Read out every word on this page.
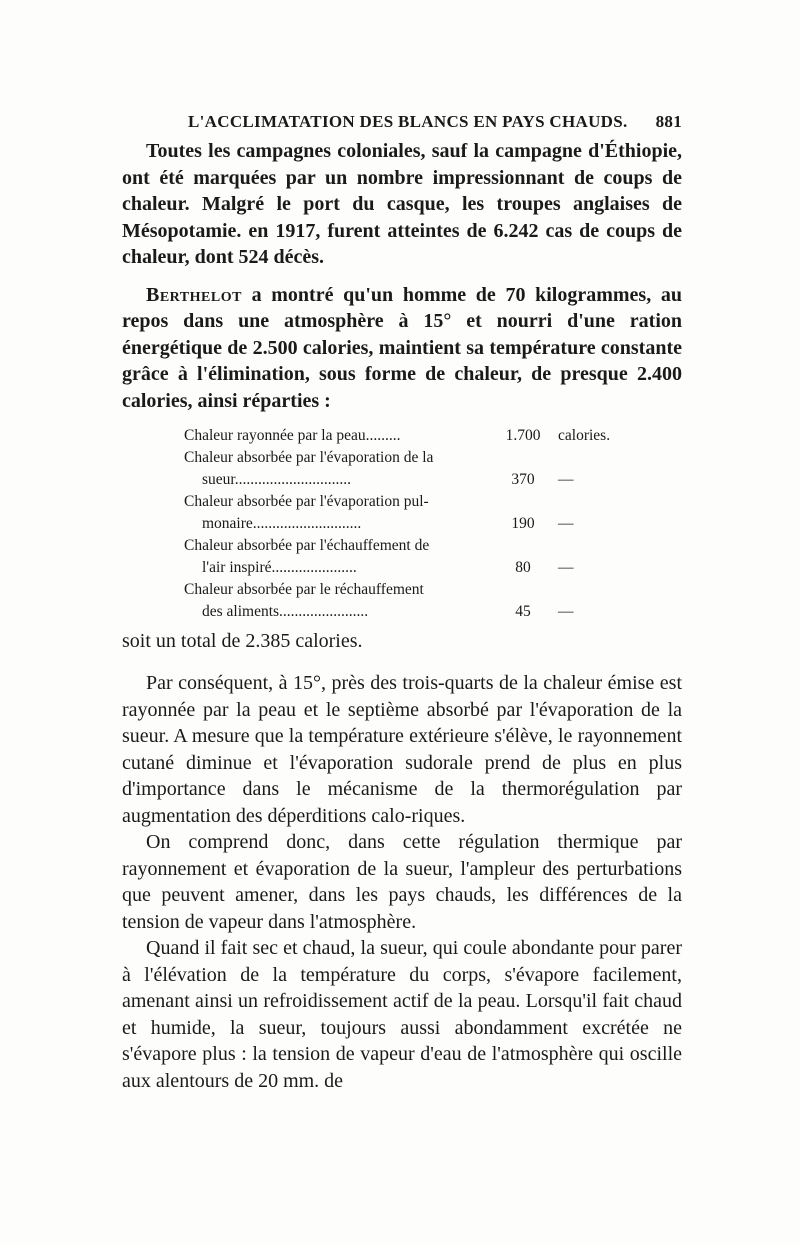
L'ACCLIMATATION DES BLANCS EN PAYS CHAUDS. 881

Toutes les campagnes coloniales, sauf la campagne d'Éthiopie, ont été marquées par un nombre impressionnant de coups de chaleur. Malgré le port du casque, les troupes anglaises de Mésopotamie. en 1917, furent atteintes de 6.242 cas de coups de chaleur, dont 524 décès.

Berthelot a montré qu'un homme de 70 kilogrammes, au repos dans une atmosphère à 15° et nourri d'une ration énergétique de 2.500 calories, maintient sa température constante grâce à l'élimination, sous forme de chaleur, de presque 2.400 calories, ainsi réparties :

Chaleur rayonnée par la peau.........	1.700	calories.
Chaleur absorbée par l'évaporation de la
sueur..............................	370	—
Chaleur absorbée par l'évaporation pul-
monaire............................	190	—
Chaleur absorbée par l'échauffement de
l'air inspiré......................	80	—
Chaleur absorbée par le réchauffement
des aliments.......................	45	—

soit un total de 2.385 calories.

Par conséquent, à 15°, près des trois-quarts de la chaleur émise est rayonnée par la peau et le septième absorbé par l'évaporation de la sueur. A mesure que la température extérieure s'élève, le rayonnement cutané diminue et l'évaporation sudorale prend de plus en plus d'importance dans le mécanisme de la thermorégulation par augmentation des déperditions calo-riques.

On comprend donc, dans cette régulation thermique par rayonnement et évaporation de la sueur, l'ampleur des perturbations que peuvent amener, dans les pays chauds, les différences de la tension de vapeur dans l'atmosphère.

Quand il fait sec et chaud, la sueur, qui coule abondante pour parer à l'élévation de la température du corps, s'évapore facilement, amenant ainsi un refroidissement actif de la peau. Lorsqu'il fait chaud et humide, la sueur, toujours aussi abondamment excrétée ne s'évapore plus : la tension de vapeur d'eau de l'atmosphère qui oscille aux alentours de 20 mm. de
